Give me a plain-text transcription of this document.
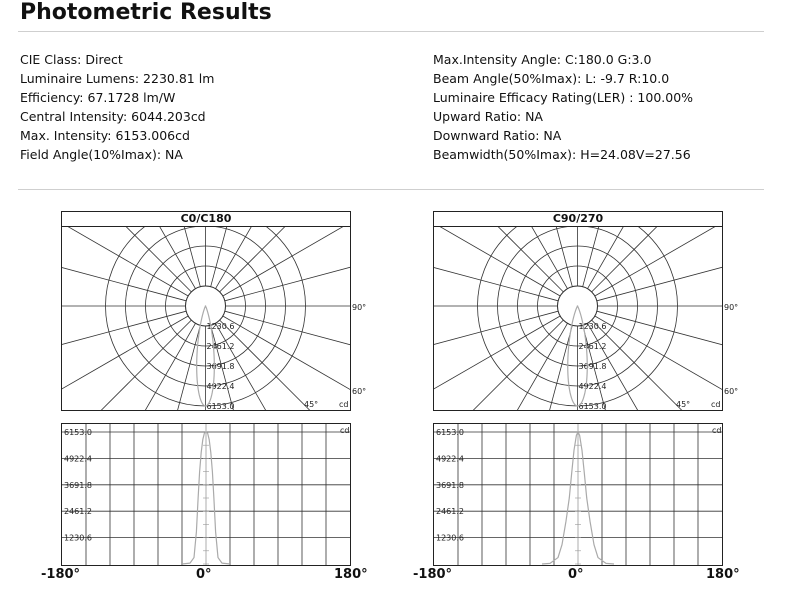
Photometric Results
CIE Class: Direct
Luminaire Lumens: 2230.81 lm
Efficiency: 67.1728 lm/W
Central Intensity: 6044.203cd
Max. Intensity: 6153.006cd
Field Angle(10%Imax): NA
Max.Intensity Angle: C:180.0 G:3.0
Beam Angle(50%Imax): L: -9.7 R:10.0
Luminaire Efficacy Rating(LER) : 100.00%
Upward Ratio: NA
Downward Ratio: NA
Beamwidth(50%Imax): H=24.08V=27.56
C0/C180
1230.6
2461.2
3691.8
4922.4
6153.0
90°
60°
45°	cd
C90/270
1230.6
2461.2
3691.8
4922.4
6153.0
90°
60°
45°	cd
6153.0
4922.4
3691.8
2461.2
1230.6
cd
-180°	0°	180°
6153.0
4922.4
3691.8
2461.2
1230.6
cd
-180°	0°	180°
